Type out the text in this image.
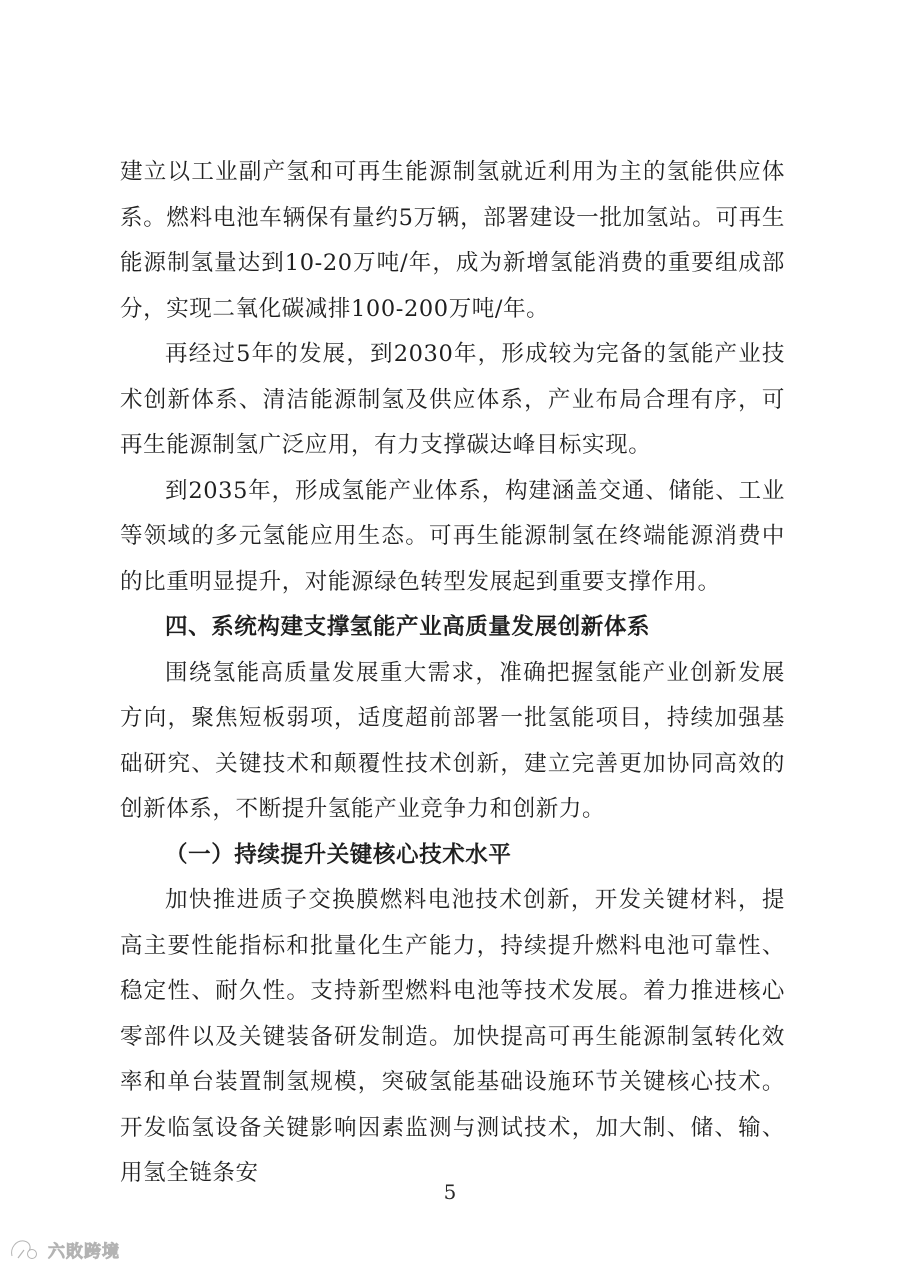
建立以工业副产氢和可再生能源制氢就近利用为主的氢能供应体系。燃料电池车辆保有量约5万辆，部署建设一批加氢站。可再生能源制氢量达到10-20万吨/年，成为新增氢能消费的重要组成部分，实现二氧化碳减排100-200万吨/年。

再经过5年的发展，到2030年，形成较为完备的氢能产业技术创新体系、清洁能源制氢及供应体系，产业布局合理有序，可再生能源制氢广泛应用，有力支撑碳达峰目标实现。

到2035年，形成氢能产业体系，构建涵盖交通、储能、工业等领域的多元氢能应用生态。可再生能源制氢在终端能源消费中的比重明显提升，对能源绿色转型发展起到重要支撑作用。

四、系统构建支撑氢能产业高质量发展创新体系

围绕氢能高质量发展重大需求，准确把握氢能产业创新发展方向，聚焦短板弱项，适度超前部署一批氢能项目，持续加强基础研究、关键技术和颠覆性技术创新，建立完善更加协同高效的创新体系，不断提升氢能产业竞争力和创新力。

（一）持续提升关键核心技术水平

加快推进质子交换膜燃料电池技术创新，开发关键材料，提高主要性能指标和批量化生产能力，持续提升燃料电池可靠性、稳定性、耐久性。支持新型燃料电池等技术发展。着力推进核心零部件以及关键装备研发制造。加快提高可再生能源制氢转化效率和单台装置制氢规模，突破氢能基础设施环节关键核心技术。开发临氢设备关键影响因素监测与测试技术，加大制、储、输、用氢全链条安

5
六敗跨境
